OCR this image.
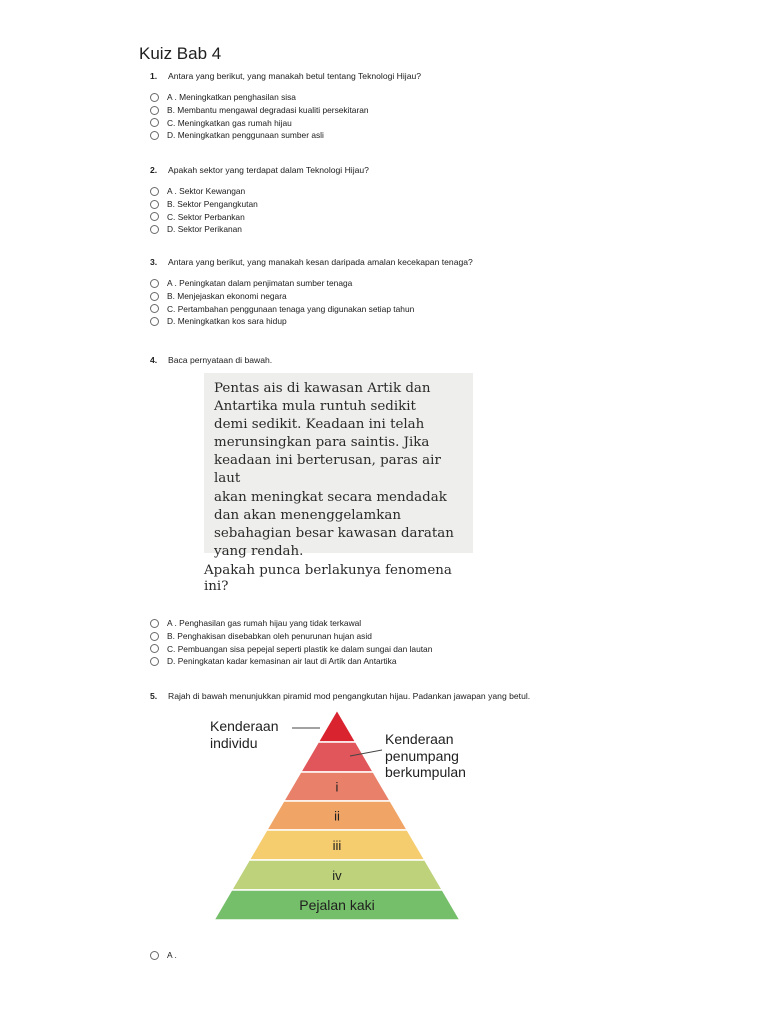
Kuiz Bab 4
1.	Antara yang berikut, yang manakah betul tentang Teknologi Hijau?
A . Meningkatkan penghasilan sisa
B. Membantu mengawal degradasi kualiti persekitaran
C. Meningkatkan gas rumah hijau
D. Meningkatkan penggunaan sumber asli
2.	Apakah sektor yang terdapat dalam Teknologi Hijau?
A . Sektor Kewangan
B. Sektor Pengangkutan
C. Sektor Perbankan
D. Sektor Perikanan
3.	Antara yang berikut, yang manakah kesan daripada amalan kecekapan tenaga?
A . Peningkatan dalam penjimatan sumber tenaga
B. Menjejaskan ekonomi negara
C. Pertambahan penggunaan tenaga yang digunakan setiap tahun
D. Meningkatkan kos sara hidup
4.	Baca pernyataan di bawah.
Pentas ais di kawasan Artik dan
Antartika mula runtuh sedikit
demi sedikit. Keadaan ini telah
merunsingkan para saintis. Jika
keadaan ini berterusan, paras air laut
akan meningkat secara mendadak
dan akan menenggelamkan
sebahagian besar kawasan daratan
yang rendah.
Apakah punca berlakunya fenomena
ini?
A . Penghasilan gas rumah hijau yang tidak terkawal
B. Penghakisan disebabkan oleh penurunan hujan asid
C. Pembuangan sisa pepejal seperti plastik ke dalam sungai dan lautan
D. Peningkatan kadar kemasinan air laut di Artik dan Antartika
5.	Rajah di bawah menunjukkan piramid mod pengangkutan hijau. Padankan jawapan yang betul.
i
ii
iii
iv
Pejalan kaki
Kenderaan
individu	Kenderaan
penumpang
berkumpulan
A .
